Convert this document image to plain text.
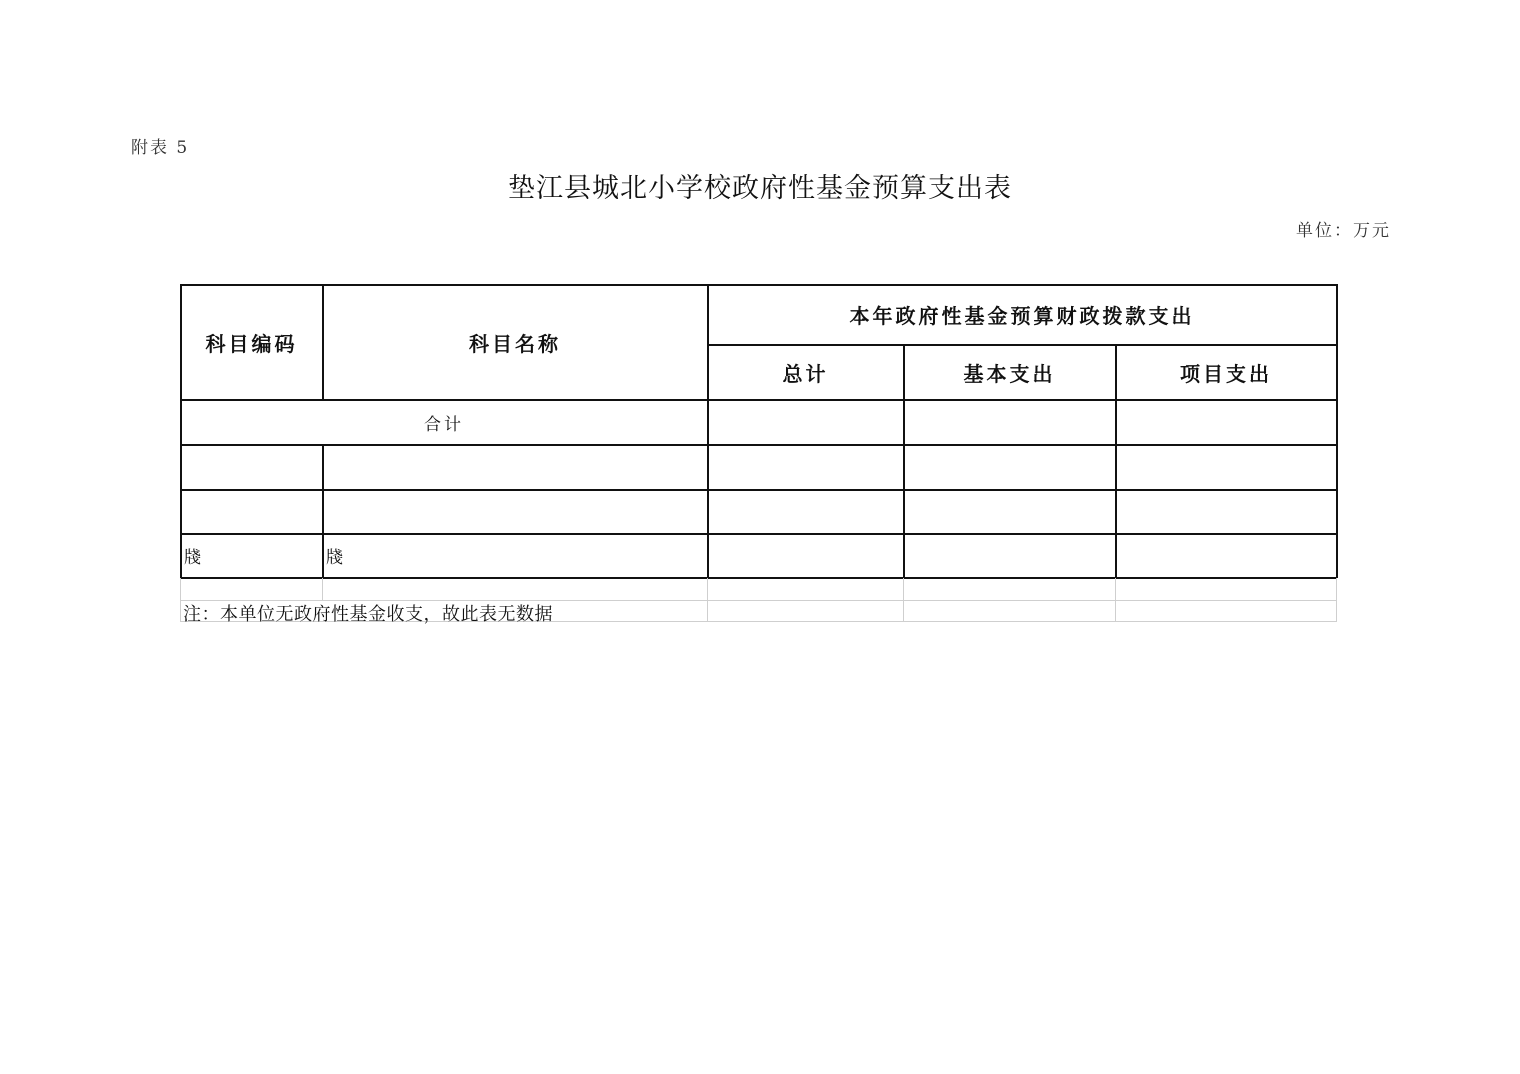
附表 5
垫江县城北小学校政府性基金预算支出表
单位：万元
科目编码	科目名称
本年政府性基金预算财政拨款支出
总计	基本支出	项目支出
合计
牋	牋
注：本单位无政府性基金收支，故此表无数据
